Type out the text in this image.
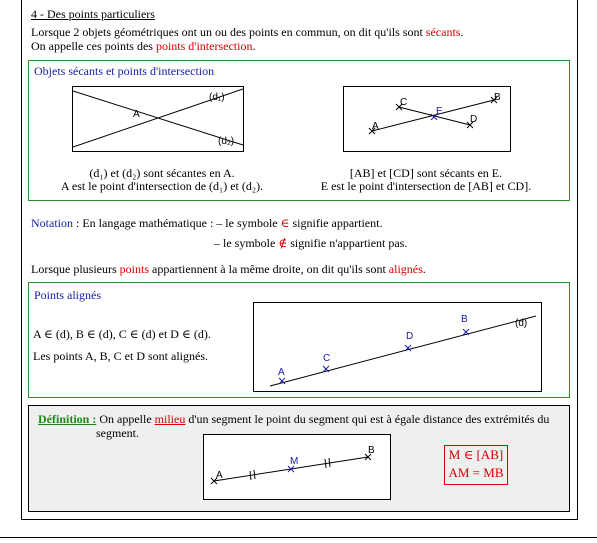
4 - Des points particuliers
Lorsque 2 objets géométriques ont un ou des points en commun, on dit qu'ils sont sécants.
On appelle ces points des points d'intersection.
Objets sécants et points d'intersection
A
(d₁)
(d₂)
A
B
C
D
E
(d₁) et (d₂) sont sécantes en A.
A est le point d'intersection de (d₁) et (d₂).
[AB] et [CD] sont sécants en E.
E est le point d'intersection de [AB] et CD].
Notation : En langage mathématique : – le symbole ∈ signifie appartient.
– le symbole ∉ signifie n'appartient pas.
Lorsque plusieurs points appartiennent à la même droite, on dit qu'ils sont alignés.
Points alignés
A ∈ (d), B ∈ (d), C ∈ (d) et D ∈ (d).
Les points A, B, C et D sont alignés.
A
C
D
B	(d)
Définition : On appelle milieu d'un segment le point du segment qui est à égale distance des extrémités du
segment.
A
B
M	M ∈ [AB]
AM = MB
